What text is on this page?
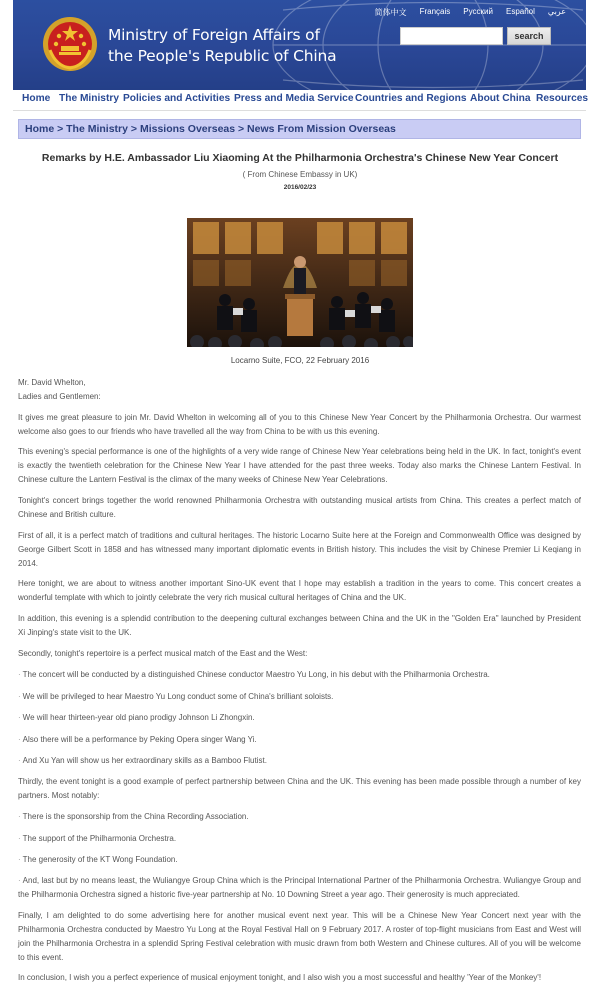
Ministry of Foreign Affairs of
the People's Republic of China
简体中文 Français Русский Español عربي
search
Home The Ministry Policies and Activities Press and Media Service Countries and Regions About China Resources
Home > The Ministry > Missions Overseas > News From Mission Overseas
Remarks by H.E. Ambassador Liu Xiaoming At the Philharmonia Orchestra's Chinese New Year Concert
( From Chinese Embassy in UK)
2016/02/23
Locarno Suite, FCO, 22 February 2016

Mr. David Whelton,

Ladies and Gentlemen:

It gives me great pleasure to join Mr. David Whelton in welcoming all of you to this Chinese New Year Concert by the Philharmonia Orchestra. Our warmest welcome also goes to our friends who have travelled all the way from China to be with us this evening.
This evening's special performance is one of the highlights of a very wide range of Chinese New Year celebrations being held in the UK. In fact, tonight's event is exactly the twentieth celebration for the Chinese New Year I have attended for the past three weeks. Today also marks the Chinese Lantern Festival. In Chinese culture the Lantern Festival is the climax of the many weeks of Chinese New Year Celebrations.
Tonight's concert brings together the world renowned Philharmonia Orchestra with outstanding musical artists from China. This creates a perfect match of Chinese and British culture.
First of all, it is a perfect match of traditions and cultural heritages. The historic Locarno Suite here at the Foreign and Commonwealth Office was designed by George Gilbert Scott in 1858 and has witnessed many important diplomatic events in British history. This includes the visit by Chinese Premier Li Keqiang in 2014.
Here tonight, we are about to witness another important Sino-UK event that I hope may establish a tradition in the years to come. This concert creates a wonderful template with which to jointly celebrate the very rich musical cultural heritages of China and the UK.
In addition, this evening is a splendid contribution to the deepening cultural exchanges between China and the UK in the "Golden Era" launched by President Xi Jinping's state visit to the UK.
Secondly, tonight's repertoire is a perfect musical match of the East and the West:
· The concert will be conducted by a distinguished Chinese conductor Maestro Yu Long, in his debut with the Philharmonia Orchestra.
· We will be privileged to hear Maestro Yu Long conduct some of China's brilliant soloists.
· We will hear thirteen-year old piano prodigy Johnson Li Zhongxin.
· Also there will be a performance by Peking Opera singer Wang Yi.
· And Xu Yan will show us her extraordinary skills as a Bamboo Flutist.
Thirdly, the event tonight is a good example of perfect partnership between China and the UK. This evening has been made possible through a number of key partners. Most notably:
· There is the sponsorship from the China Recording Association.
· The support of the Philharmonia Orchestra.
· The generosity of the KT Wong Foundation.
· And, last but by no means least, the Wuliangye Group China which is the Principal International Partner of the Philharmonia Orchestra. Wuliangye Group and the Philharmonia Orchestra signed a historic five-year partnership at No. 10 Downing Street a year ago. Their generosity is much appreciated.
Finally, I am delighted to do some advertising here for another musical event next year. This will be a Chinese New Year Concert next year with the Philharmonia Orchestra conducted by Maestro Yu Long at the Royal Festival Hall on 9 February 2017. A roster of top-flight musicians from East and West will join the Philharmonia Orchestra in a splendid Spring Festival celebration with music drawn from both Western and Chinese cultures. All of you will be welcome to this event.
In conclusion, I wish you a perfect experience of musical enjoyment tonight, and I also wish you a most successful and healthy 'Year of the Monkey'!
